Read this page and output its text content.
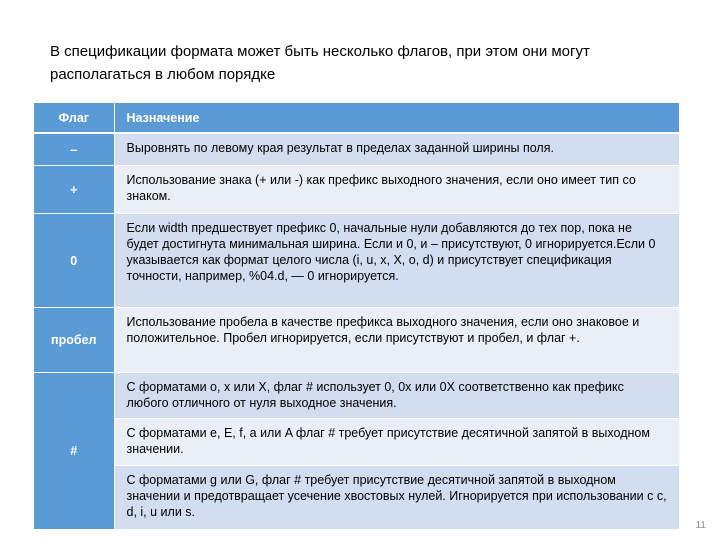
В спецификации формата может быть несколько флагов, при этом они могут располагаться в любом порядке
Флаг	Назначение
–	Выровнять по левому края результат в пределах заданной ширины поля.
+	Использование знака (+ или -) как префикс выходного значения, если оно имеет тип со знаком.
0	Если width предшествует префикс 0, начальные нули добавляются до тех пор, пока не будет достигнута минимальная ширина. Если и 0, и – присутствуют, 0 игнорируется.Если 0 указывается как формат целого числа (i, u, x, X, o, d) и присутствует спецификация точности, например, %04.d, — 0 игнорируется.
пробел	Использование пробела в качестве префикса выходного значения, если оно знаковое и положительное. Пробел игнорируется, если присутствуют и пробел, и флаг +.
#	С форматами o, x или X, флаг # использует 0, 0x или 0X соответственно как префикс любого отличного от нуля выходное значения.
	С форматами e, E, f, a или A флаг # требует присутствие десятичной запятой в выходном значении.
	С форматами g или G, флаг # требует присутствие десятичной запятой в выходном значении и предотвращает усечение хвостовых нулей. Игнорируется при использовании с c, d, i, u или s.
11
